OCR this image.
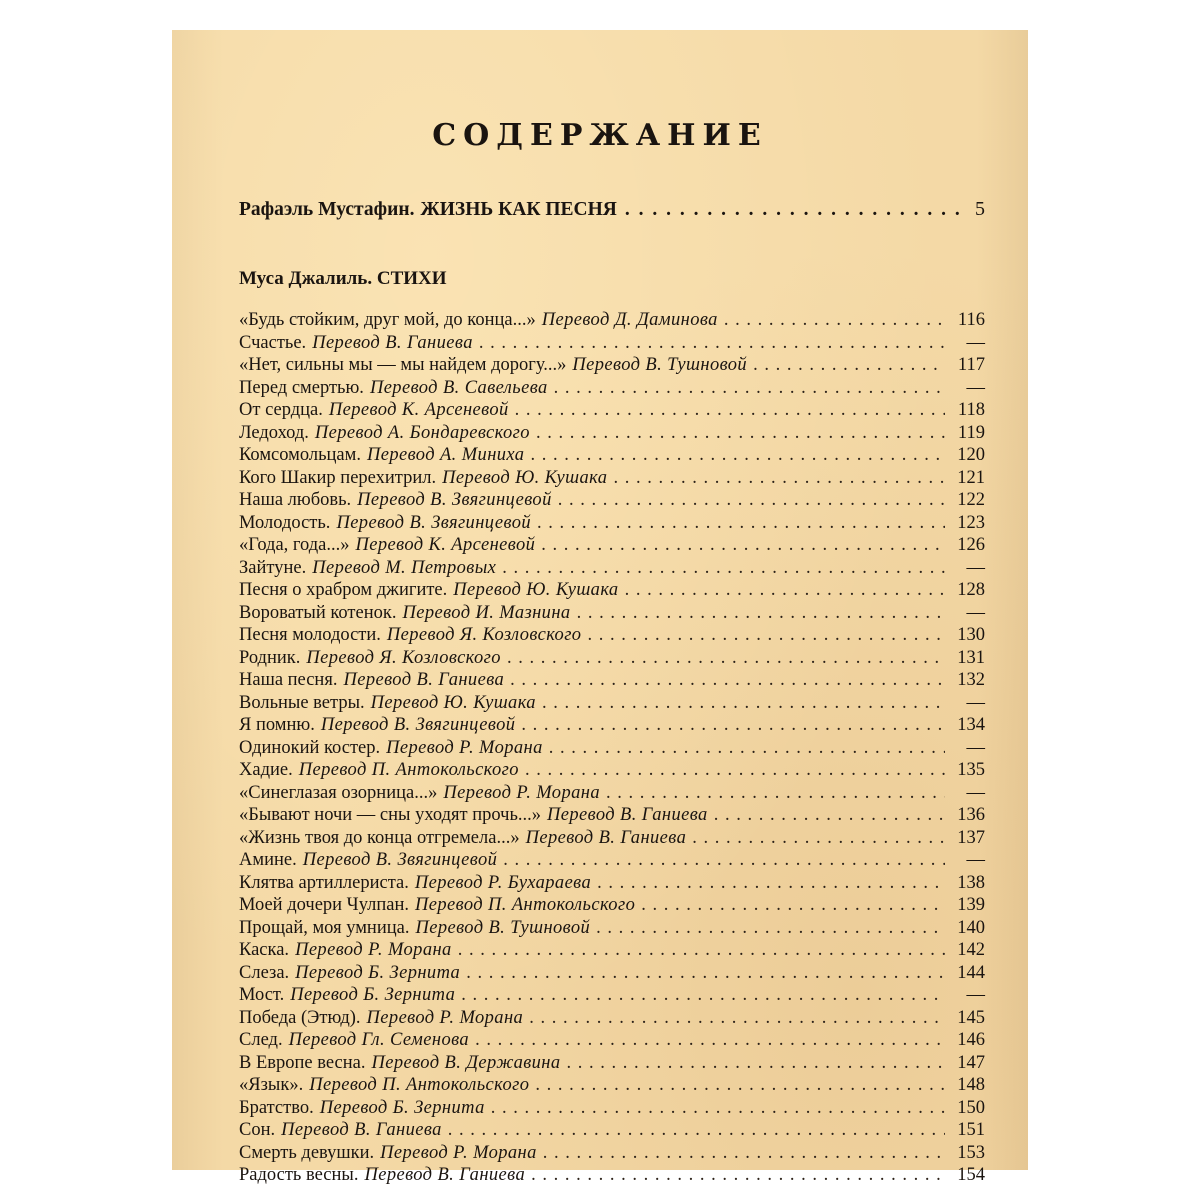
СОДЕРЖАНИЕ
Рафаэль Мустафин. ЖИЗНЬ КАК ПЕСНЯ . . .	5
Муса Джалиль. СТИХИ
«Будь стойким, друг мой, до конца...» Перевод Д. Даминова . . .	116
Счастье. Перевод В. Ганиева . . .	—
«Нет, сильны мы — мы найдем дорогу...» Перевод В. Тушновой . . .	117
Перед смертью. Перевод В. Савельева . . .	—
От сердца. Перевод К. Арсеневой . . .	118
Ледоход. Перевод А. Бондаревского . . .	119
Комсомольцам. Перевод А. Миниха . . .	120
Кого Шакир перехитрил. Перевод Ю. Кушака . . .	121
Наша любовь. Перевод В. Звягинцевой . . .	122
Молодость. Перевод В. Звягинцевой . . .	123
«Года, года...» Перевод К. Арсеневой . . .	126
Зайтуне. Перевод М. Петровых . . .	—
Песня о храбром джигите. Перевод Ю. Кушака . . .	128
Вороватый котенок. Перевод И. Мазнина . . .	—
Песня молодости. Перевод Я. Козловского . . .	130
Родник. Перевод Я. Козловского . . .	131
Наша песня. Перевод В. Ганиева . . .	132
Вольные ветры. Перевод Ю. Кушака . . .	—
Я помню. Перевод В. Звягинцевой . . .	134
Одинокий костер. Перевод Р. Морана . . .	—
Хадие. Перевод П. Антокольского . . .	135
«Синеглазая озорница...» Перевод Р. Морана . . .	—
«Бывают ночи — сны уходят прочь...» Перевод В. Ганиева . . .	136
«Жизнь твоя до конца отгремела...» Перевод В. Ганиева . . .	137
Амине. Перевод В. Звягинцевой . . .	—
Клятва артиллериста. Перевод Р. Бухараева . . .	138
Моей дочери Чулпан. Перевод П. Антокольского . . .	139
Прощай, моя умница. Перевод В. Тушновой . . .	140
Каска. Перевод Р. Морана . . .	142
Слеза. Перевод Б. Зернита . . .	144
Мост. Перевод Б. Зернита . . .	—
Победа (Этюд). Перевод Р. Морана . . .	145
След. Перевод Гл. Семенова . . .	146
В Европе весна. Перевод В. Державина . . .	147
«Язык». Перевод П. Антокольского . . .	148
Братство. Перевод Б. Зернита . . .	150
Сон. Перевод В. Ганиева . . .	151
Смерть девушки. Перевод Р. Морана . . .	153
Радость весны. Перевод В. Ганиева . . .	154
